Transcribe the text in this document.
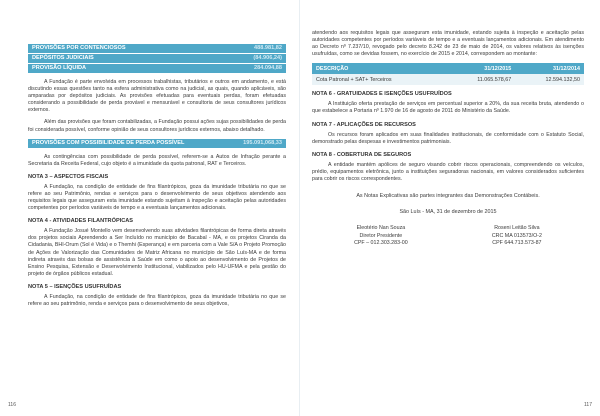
PROVISÕES POR CONTENCIOSOS	488.981,82
DEPÓSITOS JUDICIAIS	(84.906,24)
PROVISÃO LÍQUIDA	284.094,88

A Fundação é parte envolvida em processos trabalhistas, tributários e outros em andamento, e está discutindo essas questões tanto na esfera administrativa como na judicial, as quais, quando aplicáveis, são amparadas por depósitos judiciais. As provisões efetuadas para eventuais perdas, foram efetuadas considerando a possibilidade de perda provável e mensurável e consultoria de seus consultores jurídicos externos.

Além das provisões que foram contabilizadas, a Fundação possui ações sujas possibilidades de perda foi considerada possível, conforme opinião de seus consultores jurídicos externos, abaixo detalhado.

PROVISÕES COM POSSIBILIDADE DE PERDA POSSÍVEL	195.091,068,33

As contingências com possibilidade de perda possível, referem-se a Autos de Infração perante a Secretaria da Receita Federal, cujo objeto é a imunidade da quota patronal, RAT e Terceiros.

NOTA 3 – ASPECTOS FISCAIS

A Fundação, na condição de entidade de fins filantrópicos, goza da imunidade tributária no que se refere ao seu Patrimônio, rendas e serviços para o desenvolvimento de seus objetivos atendendo aos requisitos legais que asseguram esta imunidade estando sujeitam à inspeção e aceitação pelas autoridades competentes por períodos variáveis de tempo e a eventuais lançamentos adicionais.

NOTA 4 - ATIVIDADES FILANTRÓPICAS

A Fundação Josué Montello vem desenvolvendo suas atividades filantrópicas de forma direta através dos projetos sociais Aprendendo a Ser Incluído no município de Bacabal - MA, e os projetos Ciranda da Cidadania, BHI-Orum (Sol é Vida) e o Themhi (Esperança) e em parceria com a Vale S/A o Projeto Promoção de Ações de Valorização das Comunidades de Matriz Africana no município de São Luís-MA e de forma indireta através das bolsas de assistência à Saúde em como o apoio ao desenvolvimento de Projetos de Ensino Pesquisa, Extensão e Desenvolvimento Institucional, viabilizados pelo HU-UFMA e pela gestão do projeto de órgãos públicos estadual.

NOTA 5 – ISENÇÕES USUFRUÍDAS

A Fundação, na condição de entidade de fins filantrópicos, goza da imunidade tributária no que se refere ao seu patrimônio, renda e serviços para o desenvolvimento de seus objetivos,

116

atendendo aos requisitos legais que asseguram esta imunidade, estando sujeita à inspeção e aceitação pelas autoridades competentes por períodos variáveis de tempo e a eventuais lançamentos adicionais. Em atendimento ao Decreto nº 7.237/10, revogado pelo decreto 8.242 de 23 de maio de 2014, os valores relativos às isenções usufruídas, como se devidas fossem, no exercício de 2015 e 2014, correspondem ao montante:

DESCRIÇÃO	31/12/2015	31/12/2014
Cota Patronal + SAT+ Terceiros	11.065.578,67	12.594.132,50
NOTA 6 - GRATUIDADES E ISENÇÕES USUFRUÍDOS

A Instituição oferta prestação de serviços em percentual superior a 20%, da sua receita bruta, atendendo o que estabelece a Portaria nº 1.970 de 16 de agosto de 2011 do Ministério da Saúde.

NOTA 7 - APLICAÇÕES DE RECURSOS

Os recursos foram aplicados em suas finalidades institucionais, de conformidade com o Estatuto Social, demonstrado pelas despesas e investimentos patrimoniais.

NOTA 8 - COBERTURA DE SEGUROS

A entidade mantém apólices de seguro visando cobrir riscos operacionais, compreendendo os veículos, prédio, equipamentos eletrônica, junto a instituições seguradoras nacionais, em valores considerados suficientes para cobrir os riscos correspondentes.

As Notas Explicativas são partes integrantes das Demonstrações Contábeis.
São Luís - MA, 31 de dezembro de 2015
Eleotério Nan Souza
Diretor Presidente
CPF – 012.303.283-00
Roseni Leitão Silva
CRC MA 013573/O-2
CPF 644.713.573-87
117
